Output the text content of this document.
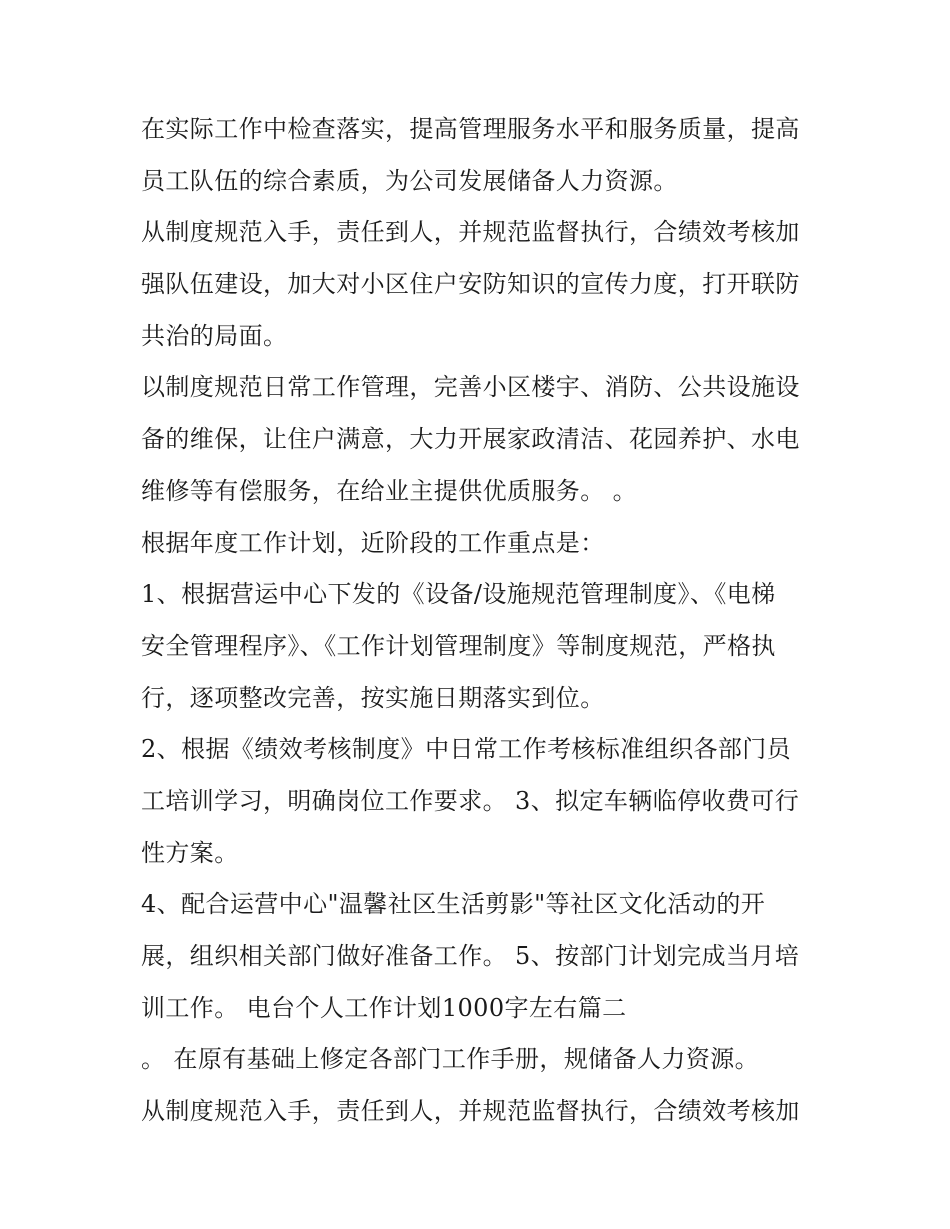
在实际工作中检查落实，提高管理服务水平和服务质量，提高
员工队伍的综合素质，为公司发展储备人力资源。
从制度规范入手，责任到人，并规范监督执行，合绩效考核加
强队伍建设，加大对小区住户安防知识的宣传力度，打开联防
共治的局面。
以制度规范日常工作管理，完善小区楼宇、消防、公共设施设
备的维保，让住户满意，大力开展家政清洁、花园养护、水电
维修等有偿服务，在给业主提供优质服务。 。
根据年度工作计划，近阶段的工作重点是：
1、根据营运中心下发的《设备/设施规范管理制度》、《电梯
安全管理程序》、《工作计划管理制度》等制度规范，严格执
行，逐项整改完善，按实施日期落实到位。
2、根据《绩效考核制度》中日常工作考核标准组织各部门员
工培训学习，明确岗位工作要求。 3、拟定车辆临停收费可行
性方案。
4、配合运营中心"温馨社区生活剪影"等社区文化活动的开
展，组织相关部门做好准备工作。 5、按部门计划完成当月培
训工作。 电台个人工作计划1000字左右篇二
。 在原有基础上修定各部门工作手册，规储备人力资源。
从制度规范入手，责任到人，并规范监督执行，合绩效考核加
